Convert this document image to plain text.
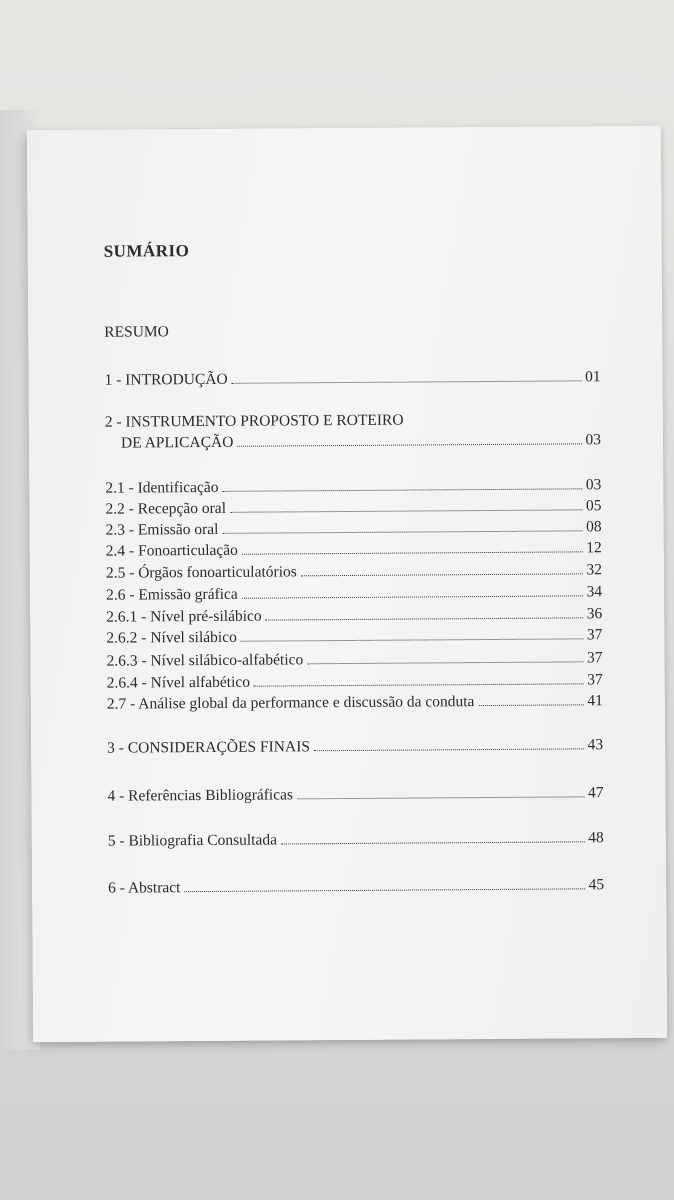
SUMÁRIO
RESUMO
1 - INTRODUÇÃO	01
2 - INSTRUMENTO PROPOSTO E ROTEIRO
DE APLICAÇÃO	03
2.1 - Identificação	03
2.2 - Recepção oral	05
2.3 - Emissão oral	08
2.4 - Fonoarticulação	12
2.5 - Órgãos fonoarticulatórios	32
2.6 - Emissão gráfica	34
2.6.1 - Nível pré-silábico	36
2.6.2 - Nível silábico	37
2.6.3 - Nível silábico-alfabético	37
2.6.4 - Nível alfabético	37
2.7 - Análise global da performance e discussão da conduta	41
3 - CONSIDERAÇÕES FINAIS	43
4 - Referências Bibliográficas	47
5 - Bibliografia Consultada	48
6 - Abstract	45
